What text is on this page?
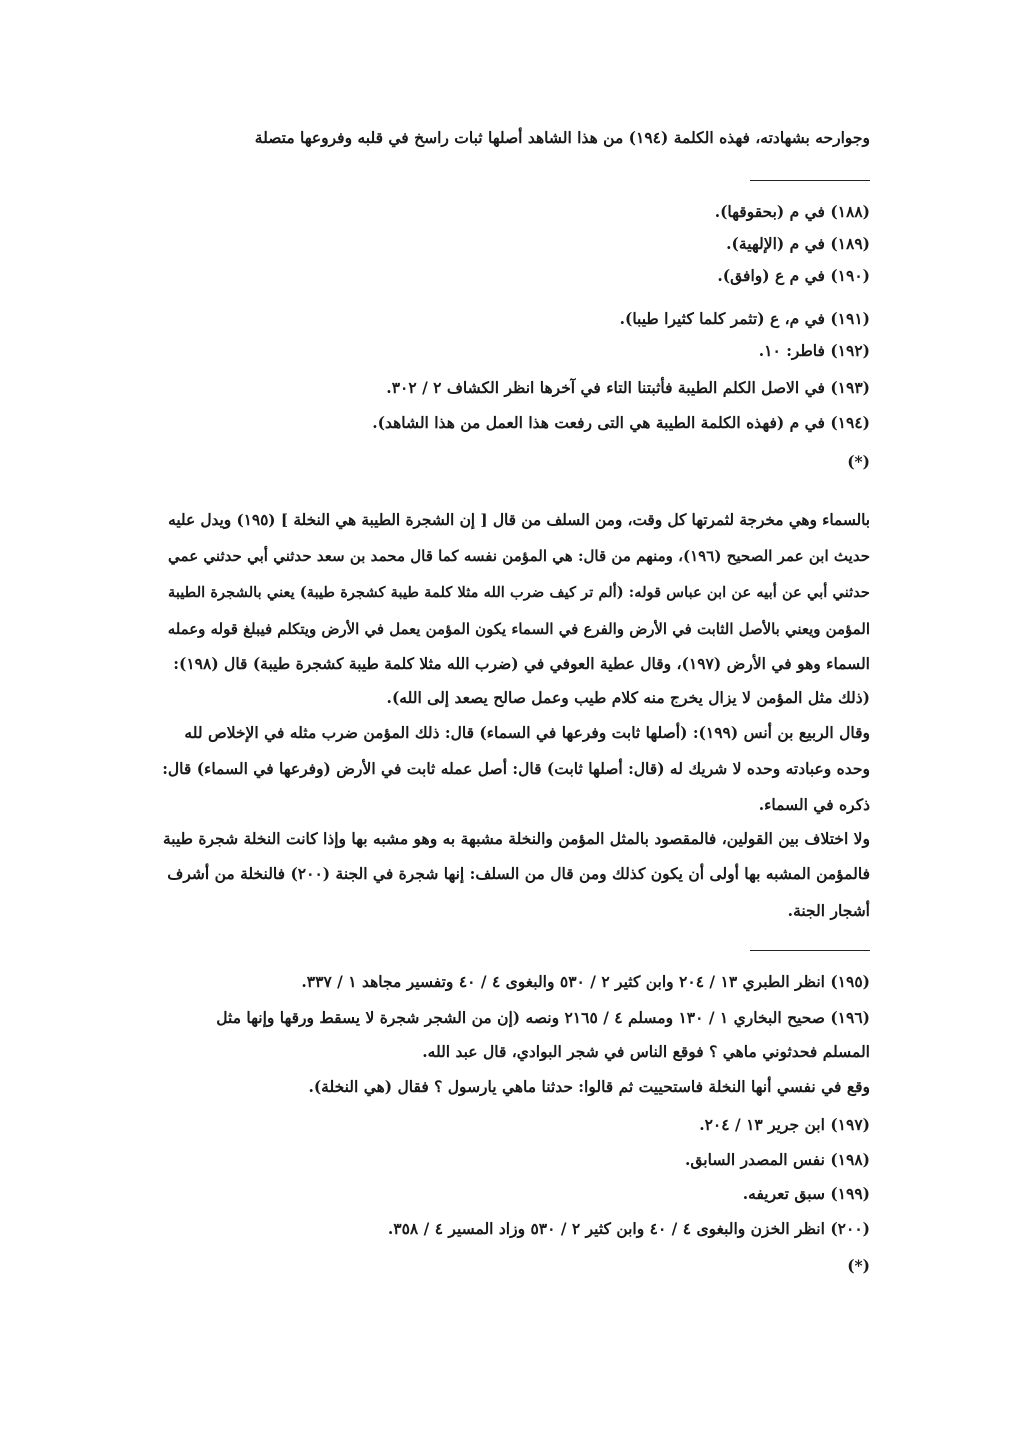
وجوارحه بشهادته، فهذه الكلمة (١٩٤) من هذا الشاهد أصلها ثبات راسخ في قلبه وفروعها متصلة
(١٨٨) في م (بحقوقها).
(١٨٩) في م (الإلهية).
(١٩٠) في م ع (وافق).
(١٩١) في م، ع (تثمر كلما كثيرا طيبا).
(١٩٢) فاطر: ١٠.
(١٩٣) في الاصل الكلم الطيبة فأثبتنا التاء في آخرها انظر الكشاف ٢ / ٣٠٢.
(١٩٤) في م (فهذه الكلمة الطيبة هي التى رفعت هذا العمل من هذا الشاهد).
(*)
بالسماء وهي مخرجة لثمرتها كل وقت، ومن السلف من قال [ إن الشجرة الطيبة هي النخلة ] (١٩٥) ويدل عليه
حديث ابن عمر الصحيح (١٩٦)، ومنهم من قال: هي المؤمن نفسه كما قال محمد بن سعد حدثني أبي حدثني عمي
حدثني أبي عن أبيه عن ابن عباس قوله: (ألم تر كيف ضرب الله مثلا كلمة طيبة كشجرة طيبة) يعني بالشجرة الطيبة
المؤمن ويعني بالأصل الثابت في الأرض والفرع في السماء يكون المؤمن يعمل في الأرض ويتكلم فيبلغ قوله وعمله
السماء وهو في الأرض (١٩٧)، وقال عطية العوفي في (ضرب الله مثلا كلمة طيبة كشجرة طيبة) قال (١٩٨):
(ذلك مثل المؤمن لا يزال يخرج منه كلام طيب وعمل صالح يصعد إلى الله).
وقال الربيع بن أنس (١٩٩): (أصلها ثابت وفرعها في السماء) قال: ذلك المؤمن ضرب مثله في الإخلاص لله
وحده وعبادته وحده لا شريك له (قال: أصلها ثابت) قال: أصل عمله ثابت في الأرض (وفرعها في السماء) قال:
ذكره في السماء.
ولا اختلاف بين القولين، فالمقصود بالمثل المؤمن والنخلة مشبهة به وهو مشبه بها وإذا كانت النخلة شجرة طيبة
فالمؤمن المشبه بها أولى أن يكون كذلك ومن قال من السلف: إنها شجرة في الجنة (٢٠٠) فالنخلة من أشرف
أشجار الجنة.
(١٩٥) انظر الطبري ١٣ / ٢٠٤ وابن كثير ٢ / ٥٣٠ والبغوى ٤ / ٤٠ وتفسير مجاهد ١ / ٣٣٧.
(١٩٦) صحيح البخاري ١ / ١٣٠ ومسلم ٤ / ٢١٦٥ ونصه (إن من الشجر شجرة لا يسقط ورقها وإنها مثل
المسلم فحدثوني ماهي ؟ فوقع الناس في شجر البوادي، قال عبد الله.
وقع في نفسي أنها النخلة فاستحييت ثم قالوا: حدثنا ماهي يارسول ؟ فقال (هي النخلة).
(١٩٧) ابن جرير ١٣ / ٢٠٤.
(١٩٨) نفس المصدر السابق.
(١٩٩) سبق تعريفه.
(٢٠٠) انظر الخزن والبغوى ٤ / ٤٠ وابن كثير ٢ / ٥٣٠ وزاد المسير ٤ / ٣٥٨.
(*)
